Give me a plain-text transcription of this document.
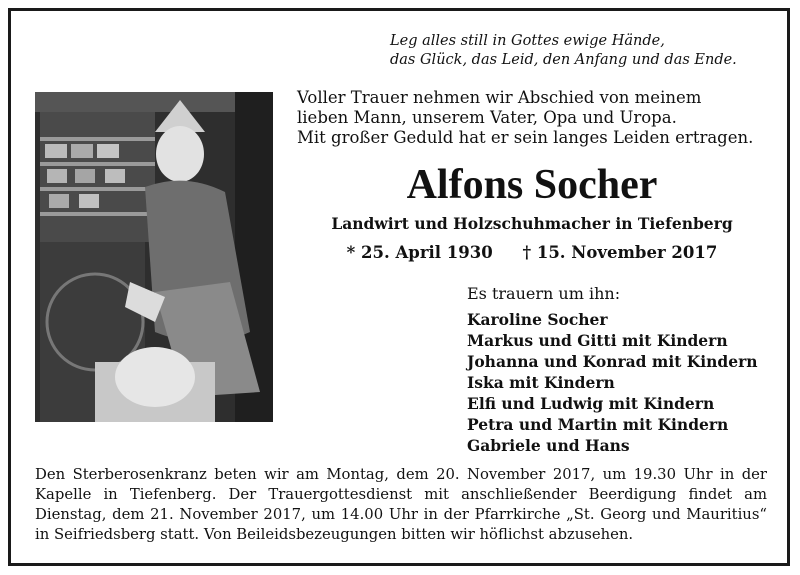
Leg alles still in Gottes ewige Hände,
das Glück, das Leid, den Anfang und das Ende.
Voller Trauer nehmen wir Abschied von meinem
lieben Mann, unserem Vater, Opa und Uropa.
Mit großer Geduld hat er sein langes Leiden ertragen.
Alfons Socher
Landwirt und Holzschuhmacher in Tiefenberg
* 25. April 1930 † 15. November 2017
Es trauern um ihn:
Karoline Socher
Markus und Gitti mit Kindern
Johanna und Konrad mit Kindern
Iska mit Kindern
Elfi und Ludwig mit Kindern
Petra und Martin mit Kindern
Gabriele und Hans
Den Sterberosenkranz beten wir am Montag, dem 20. November 2017, um 19.30 Uhr in der
Kapelle in Tiefenberg. Der Trauergottesdienst mit anschließender Beerdigung findet am
Dienstag, dem 21. November 2017, um 14.00 Uhr in der Pfarrkirche „St. Georg und Mauritius“
in Seifriedsberg statt. Von Beileidsbezeugungen bitten wir höflichst abzusehen.
